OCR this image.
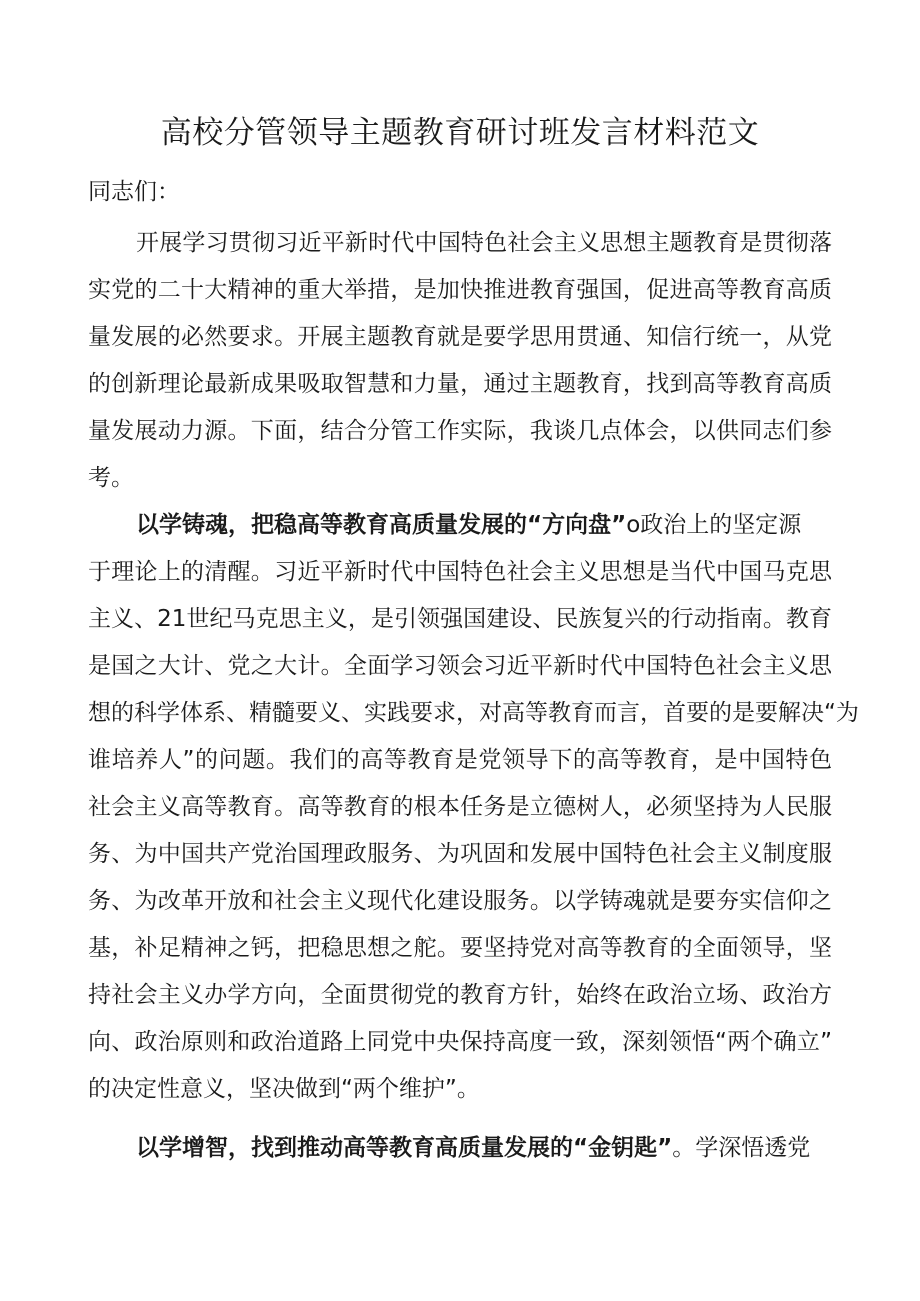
高校分管领导主题教育研讨班发言材料范文
同志们：
开展学习贯彻习近平新时代中国特色社会主义思想主题教育是贯彻落
实党的二十大精神的重大举措，是加快推进教育强国，促进高等教育高质
量发展的必然要求。开展主题教育就是要学思用贯通、知信行统一，从党
的创新理论最新成果吸取智慧和力量，通过主题教育，找到高等教育高质
量发展动力源。下面，结合分管工作实际，我谈几点体会，以供同志们参
考。
以学铸魂，把稳高等教育高质量发展的“方向盘”o政治上的坚定源
于理论上的清醒。习近平新时代中国特色社会主义思想是当代中国马克思
主义、21世纪马克思主义，是引领强国建设、民族复兴的行动指南。教育
是国之大计、党之大计。全面学习领会习近平新时代中国特色社会主义思
想的科学体系、精髓要义、实践要求，对高等教育而言，首要的是要解决“为
谁培养人”的问题。我们的高等教育是党领导下的高等教育，是中国特色
社会主义高等教育。高等教育的根本任务是立德树人，必须坚持为人民服
务、为中国共产党治国理政服务、为巩固和发展中国特色社会主义制度服
务、为改革开放和社会主义现代化建设服务。以学铸魂就是要夯实信仰之
基，补足精神之钙，把稳思想之舵。要坚持党对高等教育的全面领导，坚
持社会主义办学方向，全面贯彻党的教育方针，始终在政治立场、政治方
向、政治原则和政治道路上同党中央保持高度一致，深刻领悟“两个确立”
的决定性意义，坚决做到“两个维护”。
以学增智，找到推动高等教育高质量发展的“金钥匙”。学深悟透党
